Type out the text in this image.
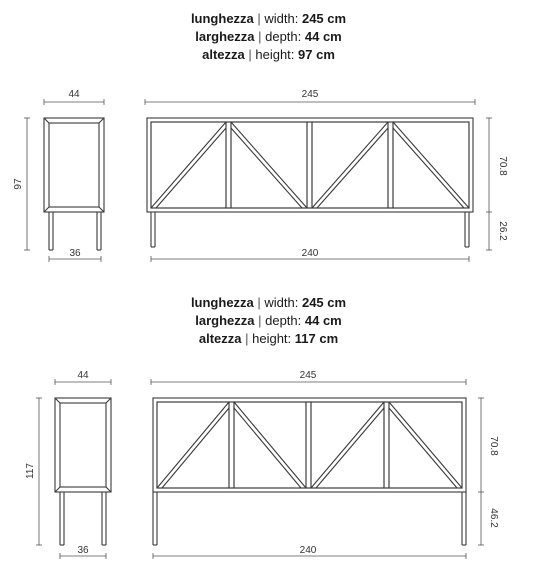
lunghezza | width: 245 cm
larghezza | depth: 44 cm
altezza | height: 97 cm
lunghezza | width: 245 cm
larghezza | depth: 44 cm
altezza | height: 117 cm
44
36
97
245
240
70.8
26.2
44
36
117
245
240
70.8
46.2
